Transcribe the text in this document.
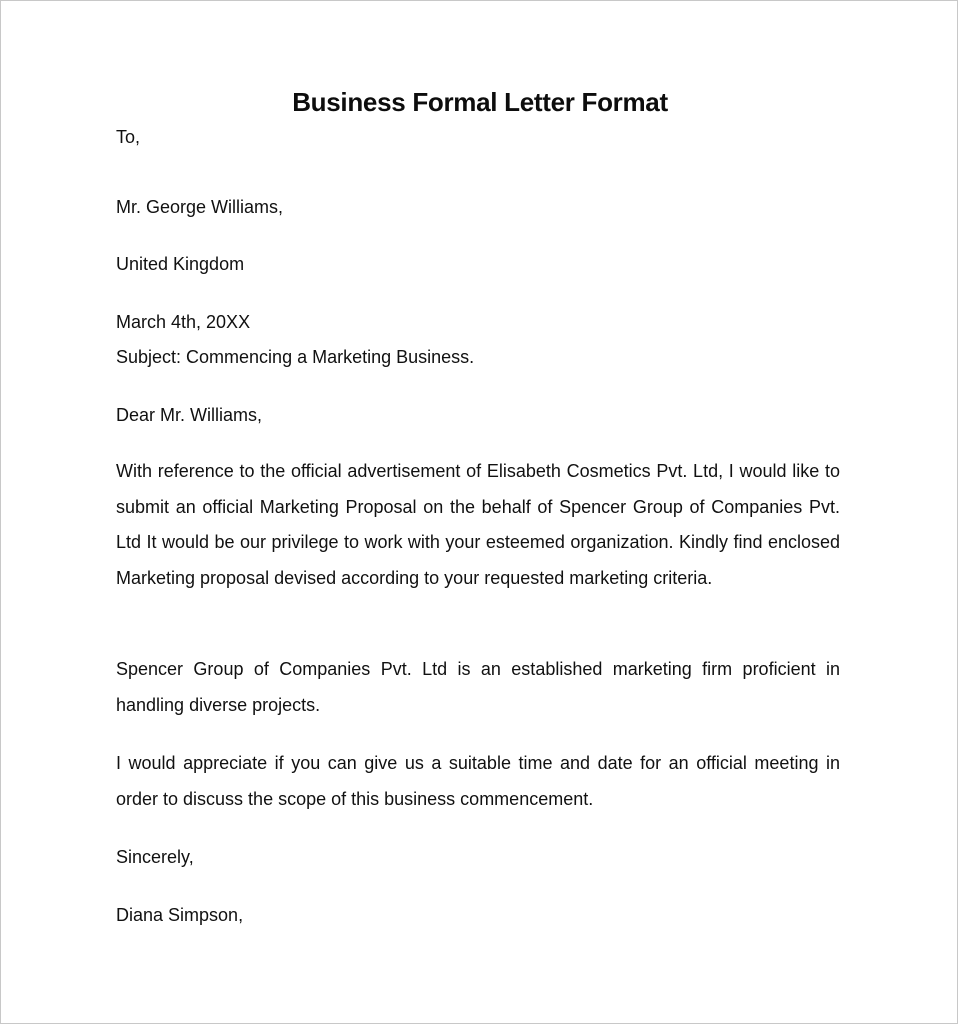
Business Formal Letter Format
To,
Mr. George Williams,
United Kingdom
March 4th, 20XX
Subject: Commencing a Marketing Business.
Dear Mr. Williams,
With reference to the official advertisement of Elisabeth Cosmetics Pvt. Ltd, I would like to submit an official Marketing Proposal on the behalf of Spencer Group of Companies Pvt. Ltd It would be our privilege to work with your esteemed organization. Kindly find enclosed Marketing proposal devised according to your requested marketing criteria.
Spencer Group of Companies Pvt. Ltd is an established marketing firm proficient in handling diverse projects.
I would appreciate if you can give us a suitable time and date for an official meeting in order to discuss the scope of this business commencement.
Sincerely,
Diana Simpson,
